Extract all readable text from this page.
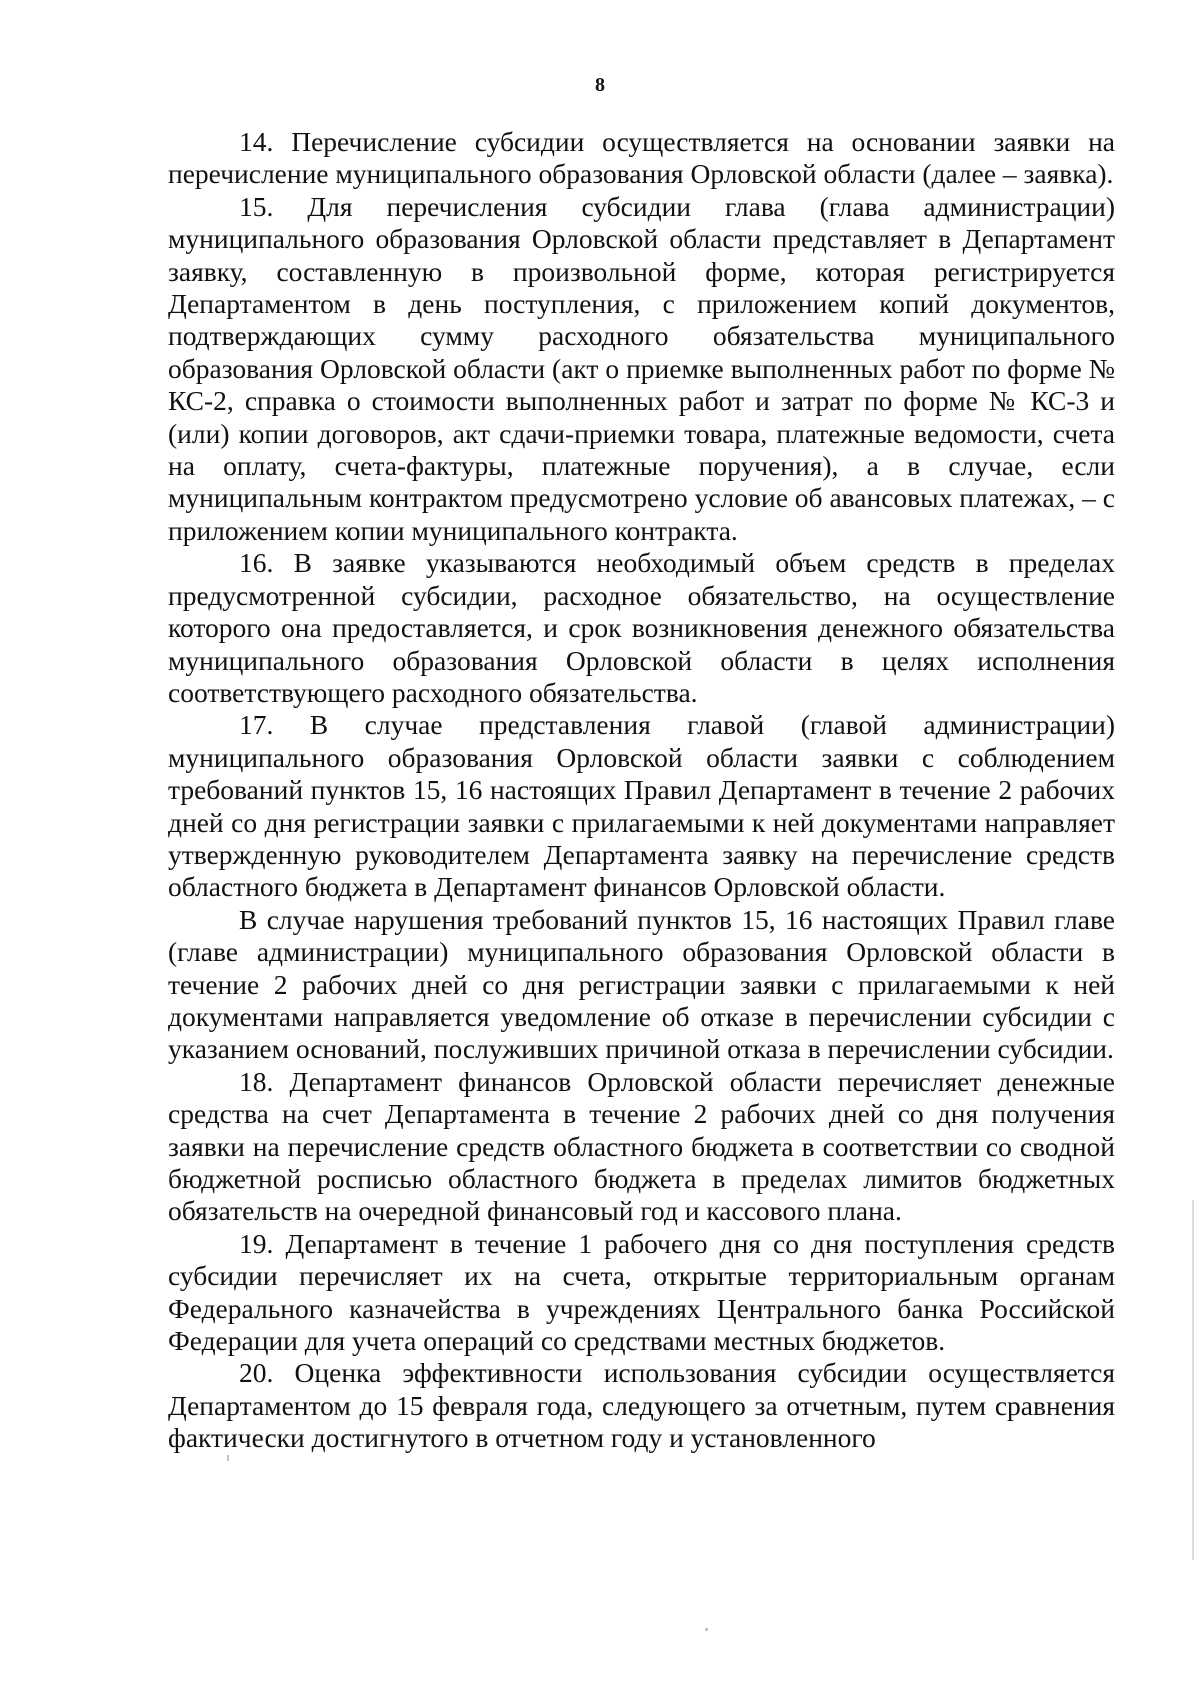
8

14. Перечисление субсидии осуществляется на основании заявки на перечисление муниципального образования Орловской области (далее – заявка).

15. Для перечисления субсидии глава (глава администрации) муниципального образования Орловской области представляет в Департамент заявку, составленную в произвольной форме, которая регистрируется Департаментом в день поступления, с приложением копий документов, подтверждающих сумму расходного обязательства муниципального образования Орловской области (акт о приемке выполненных работ по форме № КС-2, справка о стоимости выполненных работ и затрат по форме № КС-3 и (или) копии договоров, акт сдачи-приемки товара, платежные ведомости, счета на оплату, счета-фактуры, платежные поручения), а в случае, если муниципальным контрактом предусмотрено условие об авансовых платежах, – с приложением копии муниципального контракта.

16. В заявке указываются необходимый объем средств в пределах предусмотренной субсидии, расходное обязательство, на осуществление которого она предоставляется, и срок возникновения денежного обязательства муниципального образования Орловской области в целях исполнения соответствующего расходного обязательства.

17. В случае представления главой (главой администрации) муниципального образования Орловской области заявки с соблюдением требований пунктов 15, 16 настоящих Правил Департамент в течение 2 рабочих дней со дня регистрации заявки с прилагаемыми к ней документами направляет утвержденную руководителем Департамента заявку на перечисление средств областного бюджета в Департамент финансов Орловской области.

В случае нарушения требований пунктов 15, 16 настоящих Правил главе (главе администрации) муниципального образования Орловской области в течение 2 рабочих дней со дня регистрации заявки с прилагаемыми к ней документами направляется уведомление об отказе в перечислении субсидии с указанием оснований, послуживших причиной отказа в перечислении субсидии.

18. Департамент финансов Орловской области перечисляет денежные средства на счет Департамента в течение 2 рабочих дней со дня получения заявки на перечисление средств областного бюджета в соответствии со сводной бюджетной росписью областного бюджета в пределах лимитов бюджетных обязательств на очередной финансовый год и кассового плана.

19. Департамент в течение 1 рабочего дня со дня поступления средств субсидии перечисляет их на счета, открытые территориальным органам Федерального казначейства в учреждениях Центрального банка Российской Федерации для учета операций со средствами местных бюджетов.

20. Оценка эффективности использования субсидии осуществляется Департаментом до 15 февраля года, следующего за отчетным, путем сравнения фактически достигнутого в отчетном году и установленного
